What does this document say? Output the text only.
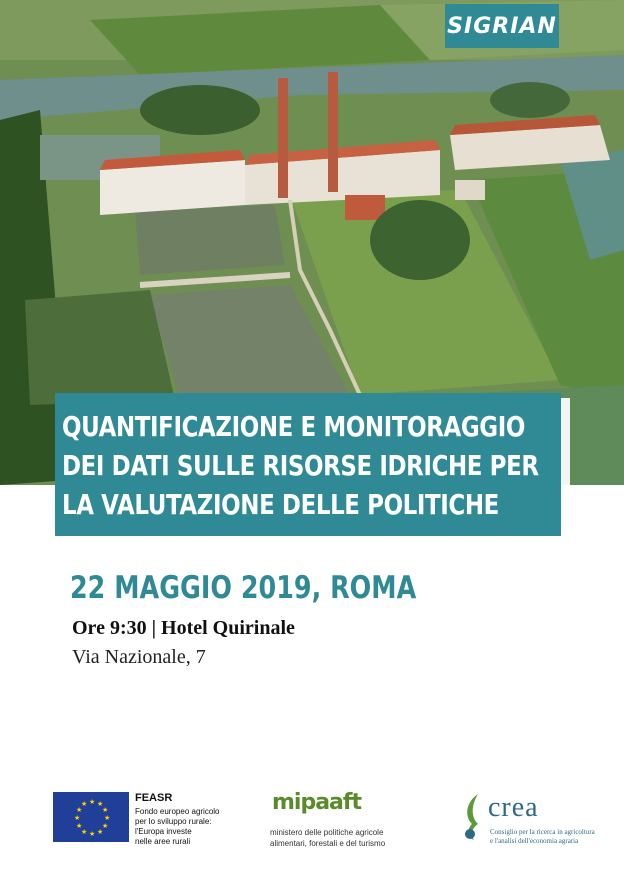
SIGRIAN
QUANTIFICAZIONE E MONITORAGGIO
DEI DATI SULLE RISORSE IDRICHE PER
LA VALUTAZIONE DELLE POLITICHE
22 MAGGIO 2019, ROMA
Ore 9:30 | Hotel Quirinale
Via Nazionale, 7
★ ★
★
★
★
★
★
★
★
★
★
★	FEASR
Fondo europeo agricolo
per lo sviluppo rurale:
l'Europa investe
nelle aree rurali
mipaaft
ministero delle politiche agricole
alimentari, forestali e del turismo
crea
Consiglio per la ricerca in agricoltura
e l'analisi dell'economia agraria
